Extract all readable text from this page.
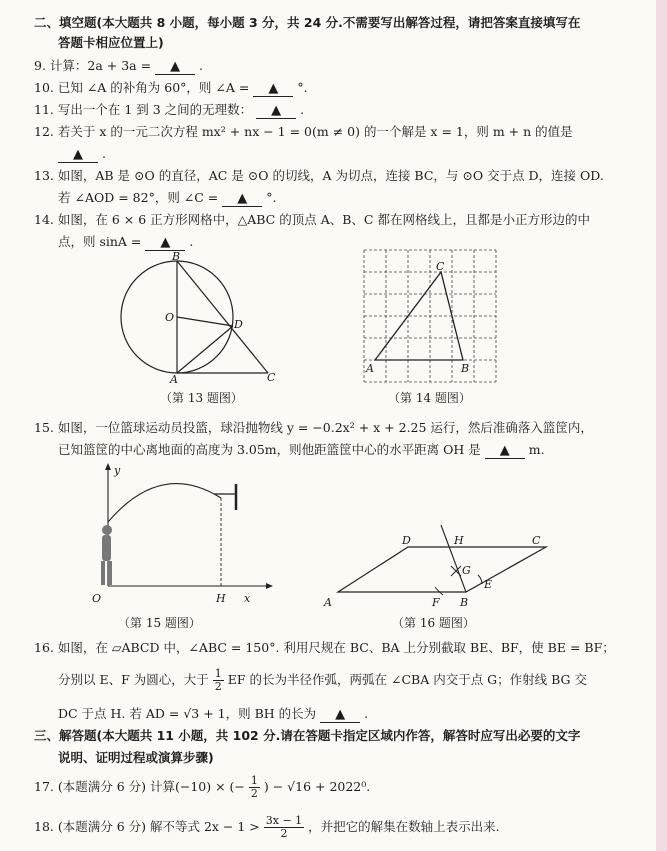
二、填空题(本大题共 8 小题，每小题 3 分，共 24 分.不需要写出解答过程，请把答案直接填写在
答题卡相应位置上)
9. 计算：2a + 3a = ▲ .
10. 已知 ∠A 的补角为 60°，则 ∠A = ▲ °.
11. 写出一个在 1 到 3 之间的无理数： ▲ .
12. 若关于 x 的一元二次方程 mx² + nx − 1 = 0(m ≠ 0) 的一个解是 x = 1，则 m + n 的值是
▲ .
13. 如图，AB 是 ⊙O 的直径，AC 是 ⊙O 的切线，A 为切点，连接 BC，与 ⊙O 交于点 D，连接 OD.
若 ∠AOD = 82°，则 ∠C = ▲ °.
14. 如图，在 6 × 6 正方形网格中，△ABC 的顶点 A、B、C 都在网格线上，且都是小正方形边的中
点，则 sinA = ▲ .
B
O
D
A	C
（第 13 题图）
C
A	B
（第 14 题图）
15. 如图，一位篮球运动员投篮，球沿抛物线 y = −0.2x² + x + 2.25 运行，然后准确落入篮筐内，
已知篮筐的中心离地面的高度为 3.05m，则他距篮筐中心的水平距离 OH 是 ▲ m.
y
O	H x
（第 15 题图）
D	H	C
G
E
A	F B
（第 16 题图）
16. 如图，在 ▱ABCD 中，∠ABC = 150°. 利用尺规在 BC、BA 上分别截取 BE、BF，使 BE = BF；
分别以 E、F 为圆心，大于 $\frac{1}{2}$ EF 的长为半径作弧，两弧在 ∠CBA 内交于点 G；作射线 BG 交
DC 于点 H. 若 AD = √3 + 1，则 BH 的长为 ▲ .
三、解答题(本大题共 11 小题，共 102 分.请在答题卡指定区域内作答，解答时应写出必要的文字
说明、证明过程或演算步骤)
17. (本题满分 6 分) 计算(−10) × (− $\frac{1}{2}$ ) − √16 + 2022⁰.
18. (本题满分 6 分) 解不等式 $2x - 1 > \frac{3x - 1}{2}$ ，并把它的解集在数轴上表示出来.
